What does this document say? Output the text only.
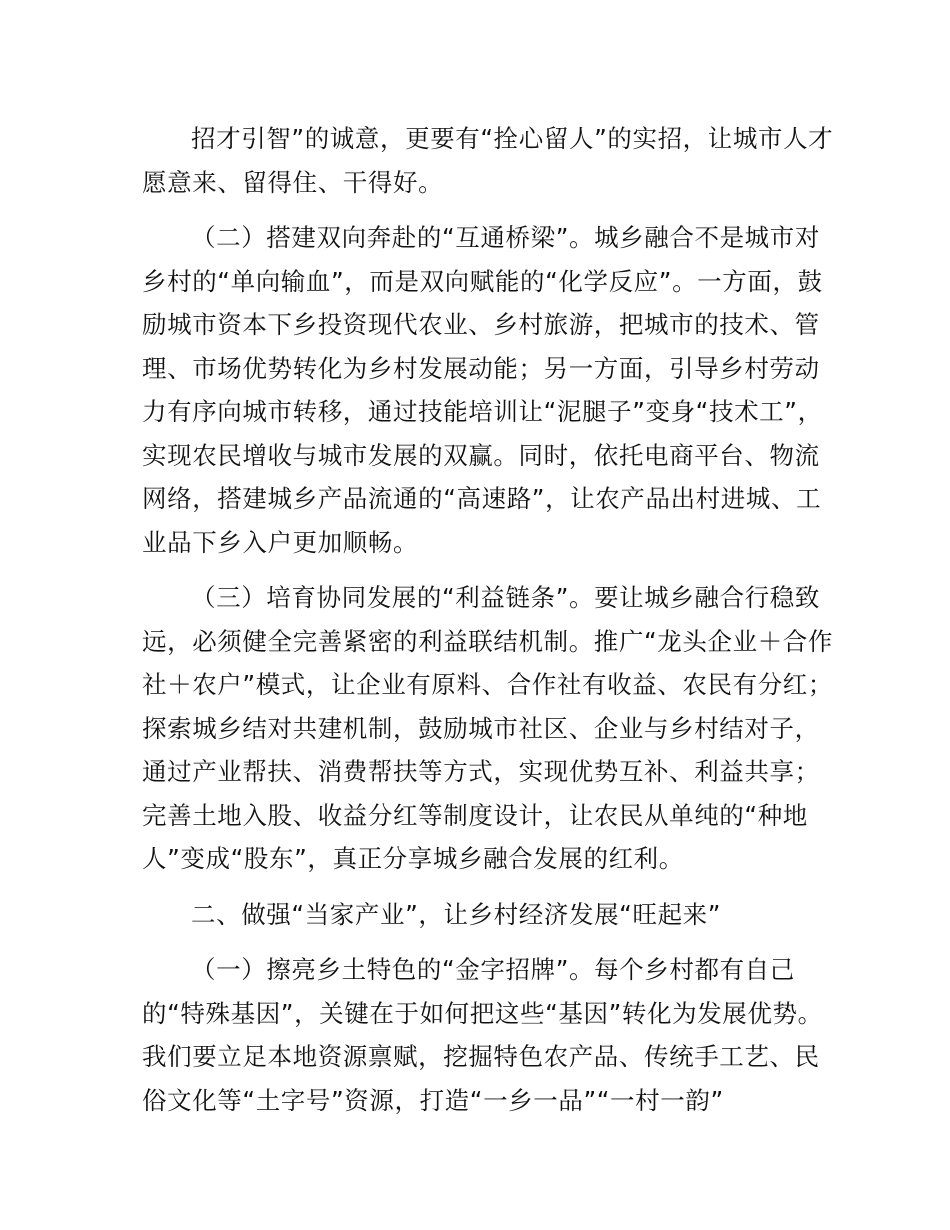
招才引智”的诚意，更要有“拴心留人”的实招，让城市人才愿意来、留得住、干得好。

（二）搭建双向奔赴的“互通桥梁”。城乡融合不是城市对乡村的“单向输血”，而是双向赋能的“化学反应”。一方面，鼓励城市资本下乡投资现代农业、乡村旅游，把城市的技术、管理、市场优势转化为乡村发展动能；另一方面，引导乡村劳动力有序向城市转移，通过技能培训让“泥腿子”变身“技术工”，实现农民增收与城市发展的双赢。同时，依托电商平台、物流网络，搭建城乡产品流通的“高速路”，让农产品出村进城、工业品下乡入户更加顺畅。

（三）培育协同发展的“利益链条”。要让城乡融合行稳致远，必须健全完善紧密的利益联结机制。推广“龙头企业＋合作社＋农户”模式，让企业有原料、合作社有收益、农民有分红；探索城乡结对共建机制，鼓励城市社区、企业与乡村结对子，通过产业帮扶、消费帮扶等方式，实现优势互补、利益共享；完善土地入股、收益分红等制度设计，让农民从单纯的“种地人”变成“股东”，真正分享城乡融合发展的红利。

二、做强“当家产业”，让乡村经济发展“旺起来”

（一）擦亮乡土特色的“金字招牌”。每个乡村都有自己的“特殊基因”，关键在于如何把这些“基因”转化为发展优势。我们要立足本地资源禀赋，挖掘特色农产品、传统手工艺、民俗文化等“土字号”资源，打造“一乡一品”“一村一韵”
